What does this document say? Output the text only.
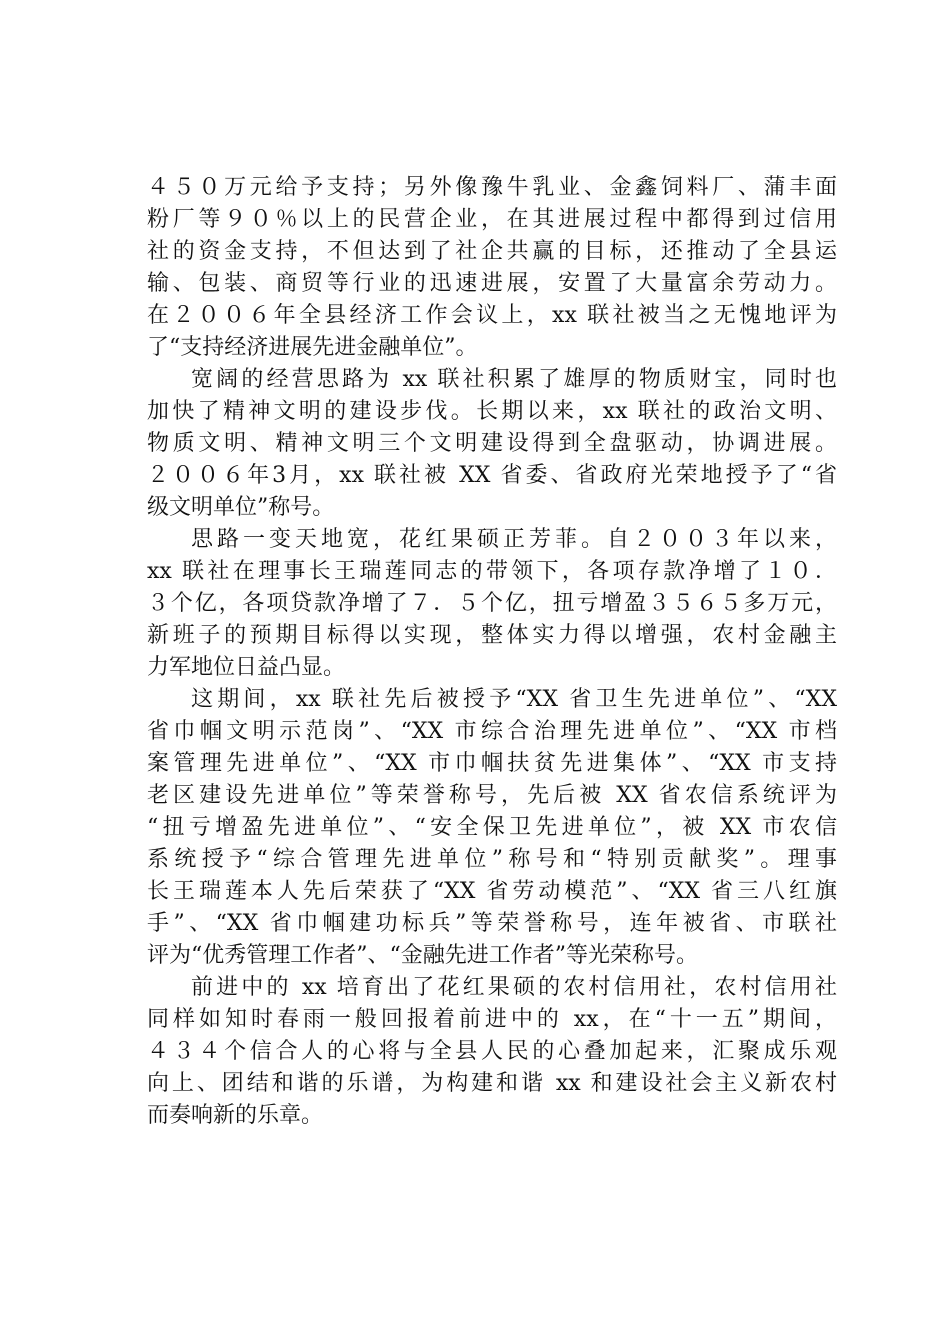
４５０万元给予支持；另外像豫牛乳业、金鑫饲料厂、蒲丰面
粉厂等９０％以上的民营企业，在其进展过程中都得到过信用
社的资金支持，不但达到了社企共赢的目标，还推动了全县运
输、包装、商贸等行业的迅速进展，安置了大量富余劳动力。
在２００６年全县经济工作会议上，xx 联社被当之无愧地评为
了“支持经济进展先进金融单位”。
宽阔的经营思路为 xx 联社积累了雄厚的物质财宝，同时也
加快了精神文明的建设步伐。长期以来，xx 联社的政治文明、
物质文明、精神文明三个文明建设得到全盘驱动，协调进展。
２００６年3月，xx 联社被 XX 省委、省政府光荣地授予了“省
级文明单位”称号。
思路一变天地宽，花红果硕正芳菲。自２００３年以来，
xx 联社在理事长王瑞莲同志的带领下，各项存款净增了１０．
３个亿，各项贷款净增了７．５个亿，扭亏增盈３５６５多万元，
新班子的预期目标得以实现，整体实力得以增强，农村金融主
力军地位日益凸显。
这期间，xx 联社先后被授予“XX 省卫生先进单位”、“XX
省巾帼文明示范岗”、“XX 市综合治理先进单位”、“XX 市档
案管理先进单位”、“XX 市巾帼扶贫先进集体”、“XX 市支持
老区建设先进单位”等荣誉称号，先后被 XX 省农信系统评为
“扭亏增盈先进单位”、“安全保卫先进单位”，被 XX 市农信
系统授予“综合管理先进单位”称号和“特别贡献奖”。理事
长王瑞莲本人先后荣获了“XX 省劳动模范”、“XX 省三八红旗
手”、“XX 省巾帼建功标兵”等荣誉称号，连年被省、市联社
评为“优秀管理工作者”、“金融先进工作者”等光荣称号。
前进中的 xx 培育出了花红果硕的农村信用社，农村信用社
同样如知时春雨一般回报着前进中的 xx，在“十一五”期间，
４３４个信合人的心将与全县人民的心叠加起来，汇聚成乐观
向上、团结和谐的乐谱，为构建和谐 xx 和建设社会主义新农村
而奏响新的乐章。
